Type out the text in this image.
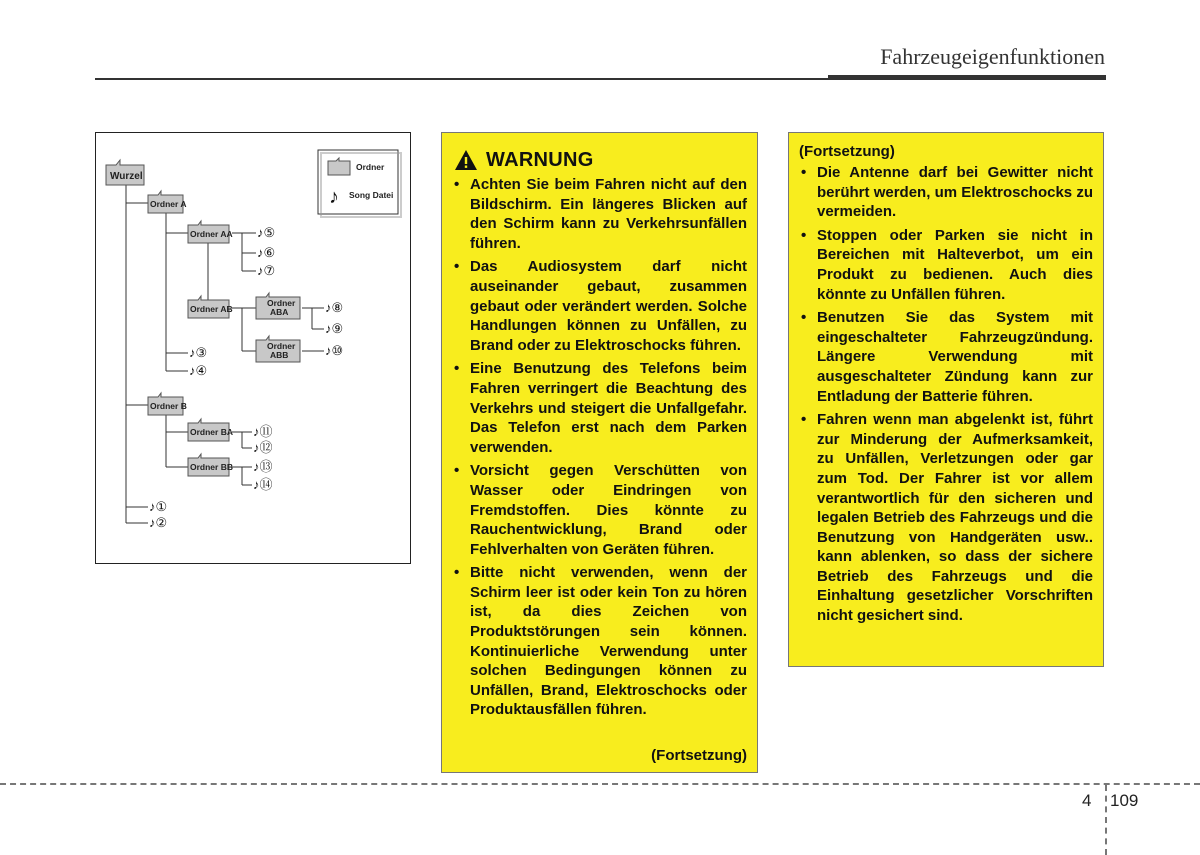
Fahrzeugeigenfunktionen
Wurzel
Ordner A
Ordner AA
Ordner AB
Ordner
ABA
Ordner
ABB
Ordner B
Ordner BA
Ordner BB
♪⑤
♪⑥
♪⑦
♪⑧
♪⑨
♪⑩
♪③
♪④
♪⑪
♪⑫
♪⑬
♪⑭
♪①
♪②
Ordner
♪ Song Datei
WARNUNG
• Achten Sie beim Fahren nicht auf den Bildschirm. Ein längeres Blicken auf den Schirm kann zu Verkehrsunfällen führen.
• Das Audiosystem darf nicht auseinander gebaut, zusammen gebaut oder verändert werden. Solche Handlungen können zu Unfällen, zu Brand oder zu Elektroschocks führen.
• Eine Benutzung des Telefons beim Fahren verringert die Beachtung des Verkehrs und steigert die Unfallgefahr. Das Telefon erst nach dem Parken verwenden.
• Vorsicht gegen Verschütten von Wasser oder Eindringen von Fremdstoffen. Dies könnte zu Rauchentwicklung, Brand oder Fehlverhalten von Geräten führen.
• Bitte nicht verwenden, wenn der Schirm leer ist oder kein Ton zu hören ist, da dies Zeichen von Produktstörungen sein können. Kontinuierliche Verwendung unter solchen Bedingungen können zu Unfällen, Brand, Elektroschocks oder Produktausfällen führen.
(Fortsetzung)
(Fortsetzung)
• Die Antenne darf bei Gewitter nicht berührt werden, um Elektroschocks zu vermeiden.
• Stoppen oder Parken sie nicht in Bereichen mit Halteverbot, um ein Produkt zu bedienen. Auch dies könnte zu Unfällen führen.
• Benutzen Sie das System mit eingeschalteter Fahrzeugzündung. Längere Verwendung mit ausgeschalteter Zündung kann zur Entladung der Batterie führen.
• Fahren wenn man abgelenkt ist, führt zur Minderung der Aufmerksamkeit, zu Unfällen, Verletzungen oder gar zum Tod. Der Fahrer ist vor allem verantwortlich für den sicheren und legalen Betrieb des Fahrzeugs und die Benutzung von Handgeräten usw.. kann ablenken, so dass der sichere Betrieb des Fahrzeugs und die Einhaltung gesetzlicher Vorschriften nicht gesichert sind.
4 109
